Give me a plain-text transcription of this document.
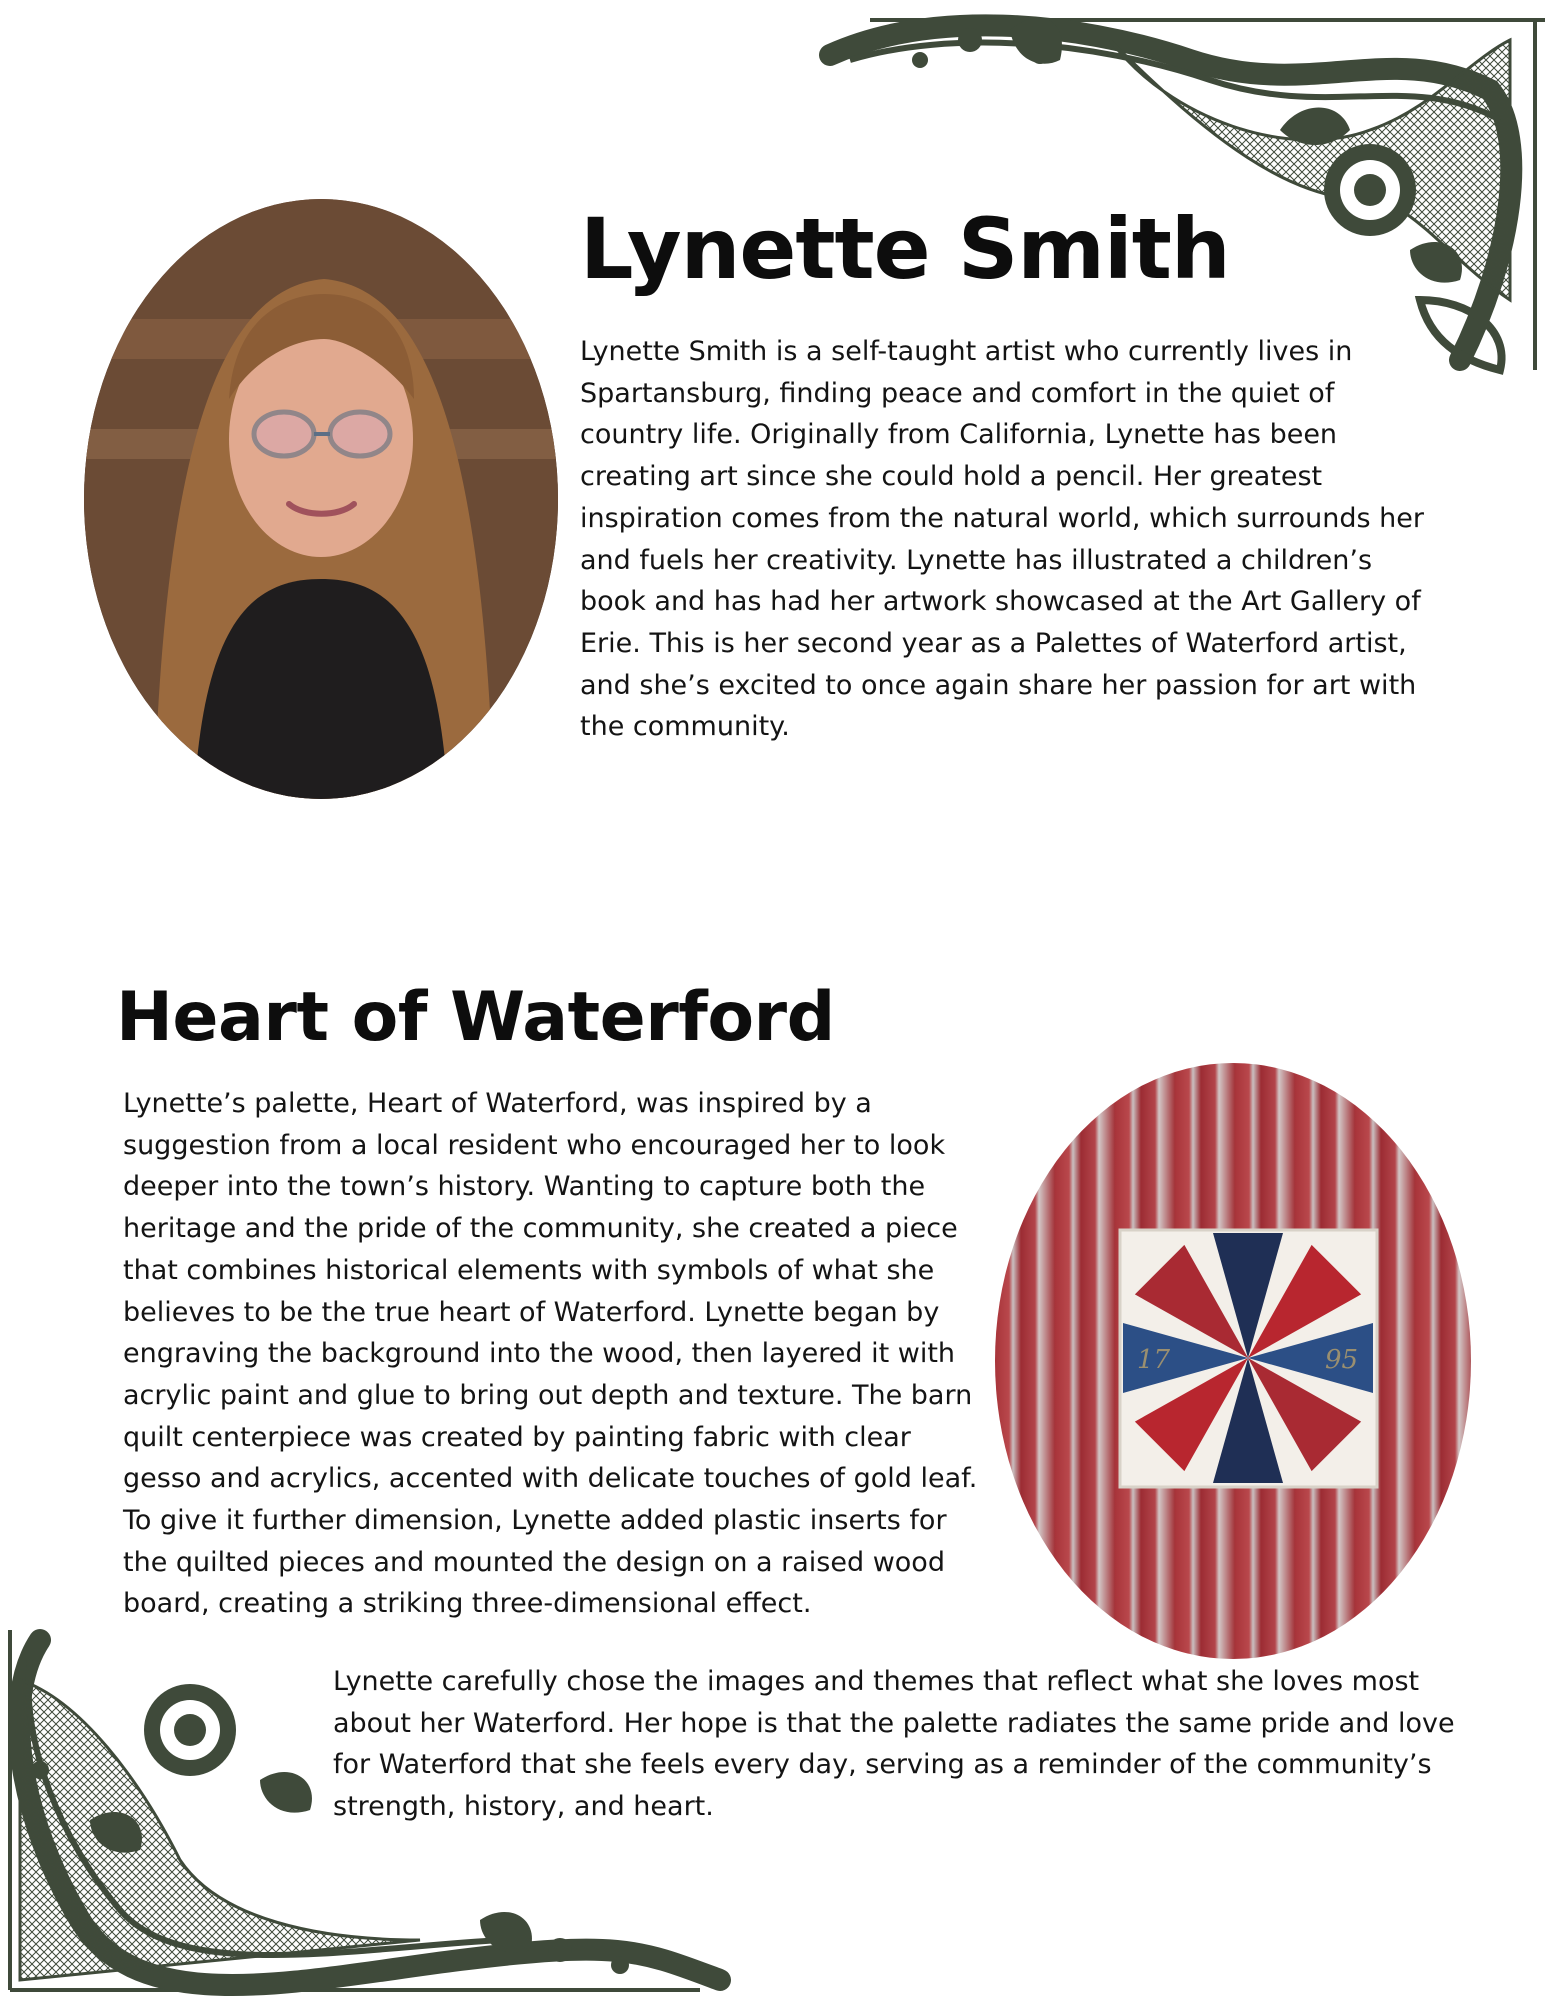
Lynette Smith

Lynette Smith is a self-taught artist who currently lives in Spartansburg, finding peace and comfort in the quiet of country life. Originally from California, Lynette has been creating art since she could hold a pencil. Her greatest inspiration comes from the natural world, which surrounds her and fuels her creativity. Lynette has illustrated a children’s book and has had her artwork showcased at the Art Gallery of Erie. This is her second year as a Palettes of Waterford artist, and she’s excited to once again share her passion for art with the community.

Heart of Waterford

Lynette’s palette, Heart of Waterford, was inspired by a suggestion from a local resident who encouraged her to look deeper into the town’s history. Wanting to capture both the heritage and the pride of the community, she created a piece that combines historical elements with symbols of what she believes to be the true heart of Waterford. Lynette began by engraving the background into the wood, then layered it with acrylic paint and glue to bring out depth and texture. The barn quilt centerpiece was created by painting fabric with clear gesso and acrylics, accented with delicate touches of gold leaf. To give it further dimension, Lynette added plastic inserts for the quilted pieces and mounted the design on a raised wood board, creating a striking three-dimensional effect.

17	95

Lynette carefully chose the images and themes that reflect what she loves most about her Waterford. Her hope is that the palette radiates the same pride and love for Waterford that she feels every day, serving as a reminder of the community’s strength, history, and heart.
